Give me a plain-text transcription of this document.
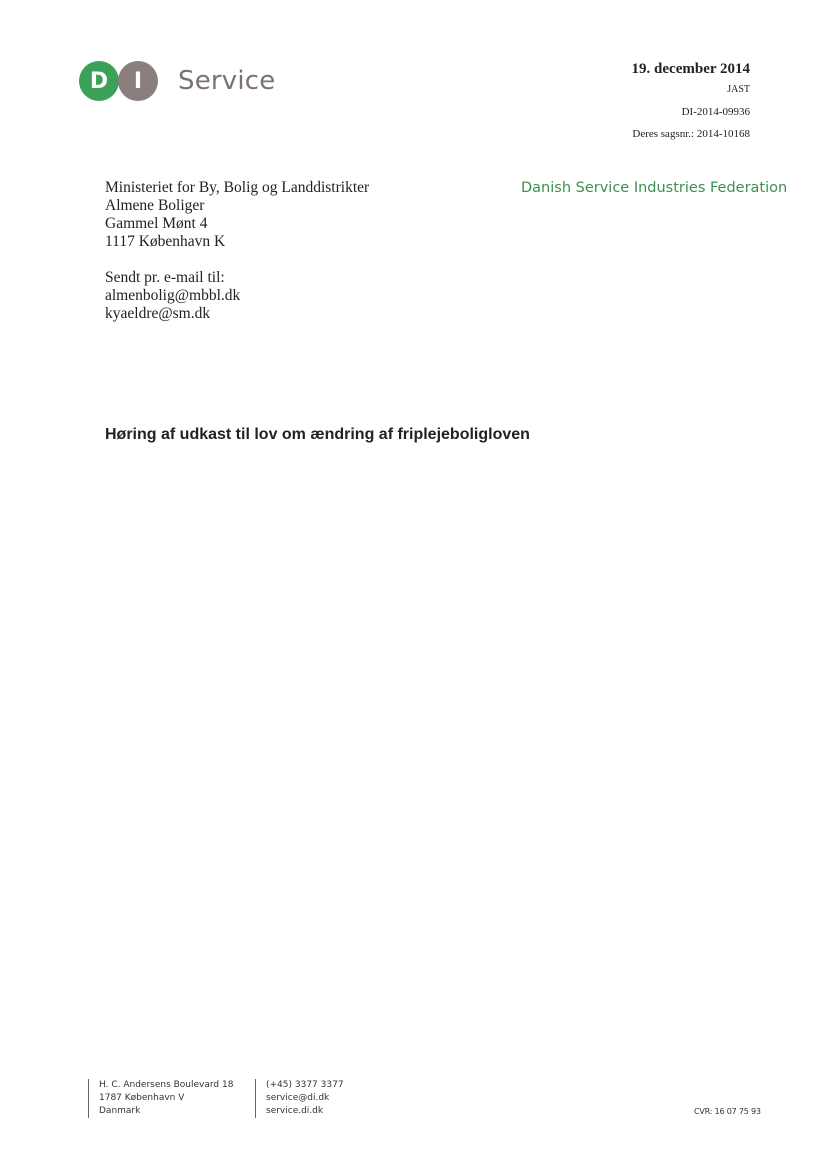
D	I	Service	19. december 2014
JAST
DI-2014-09936
Deres sagsnr.: 2014-10168
Danish Service Industries Federation
Ministeriet for By, Bolig og Landdistrikter
Almene Boliger
Gammel Mønt 4
1117 København K
Sendt pr. e-mail til:
almenbolig@mbbl.dk
kyaeldre@sm.dk
Høring af udkast til lov om ændring af friplejeboligloven
H. C. Andersens Boulevard 18
1787 København V
Danmark
(+45) 3377 3377
service@di.dk
service.di.dk	CVR: 16 07 75 93
